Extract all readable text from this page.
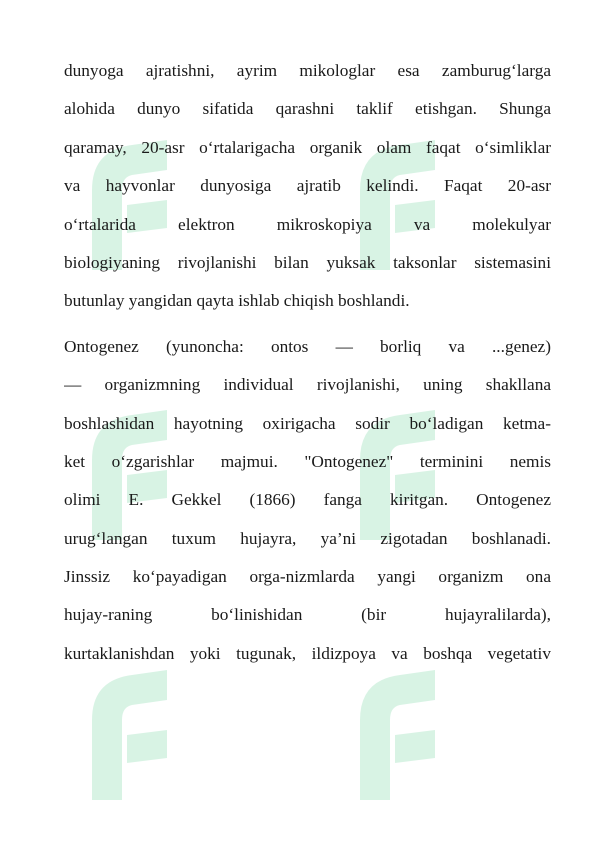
dunyoga ajratishni, ayrim mikologlar esa zamburug‘larga
alohida dunyo sifatida qarashni taklif etishgan. Shunga
qaramay, 20-asr o‘rtalarigacha organik olam faqat o‘simliklar
va hayvonlar dunyosiga ajratib kelindi. Faqat 20-asr
o‘rtalarida elektron mikroskopiya va molekulyar
biologiyaning rivojlanishi bilan yuksak taksonlar sistemasini
butunlay yangidan qayta ishlab chiqish boshlandi.
Ontogenez (yunoncha: ontos — borliq va ...genez)
— organizmning individual rivojlanishi, uning shakllana
boshlashidan hayotning oxirigacha sodir bo‘ladigan ketma-
ket o‘zgarishlar majmui. "Ontogenez" terminini nemis
olimi E. Gekkel (1866) fanga kiritgan. Ontogenez
urug‘langan tuxum hujayra, ya’ni zigotadan boshlanadi.
Jinssiz ko‘payadigan orga-nizmlarda yangi organizm ona
hujay-raning bo‘linishidan (bir hujayralilarda),
kurtaklanishdan yoki tugunak, ildizpoya va boshqa vegetativ
